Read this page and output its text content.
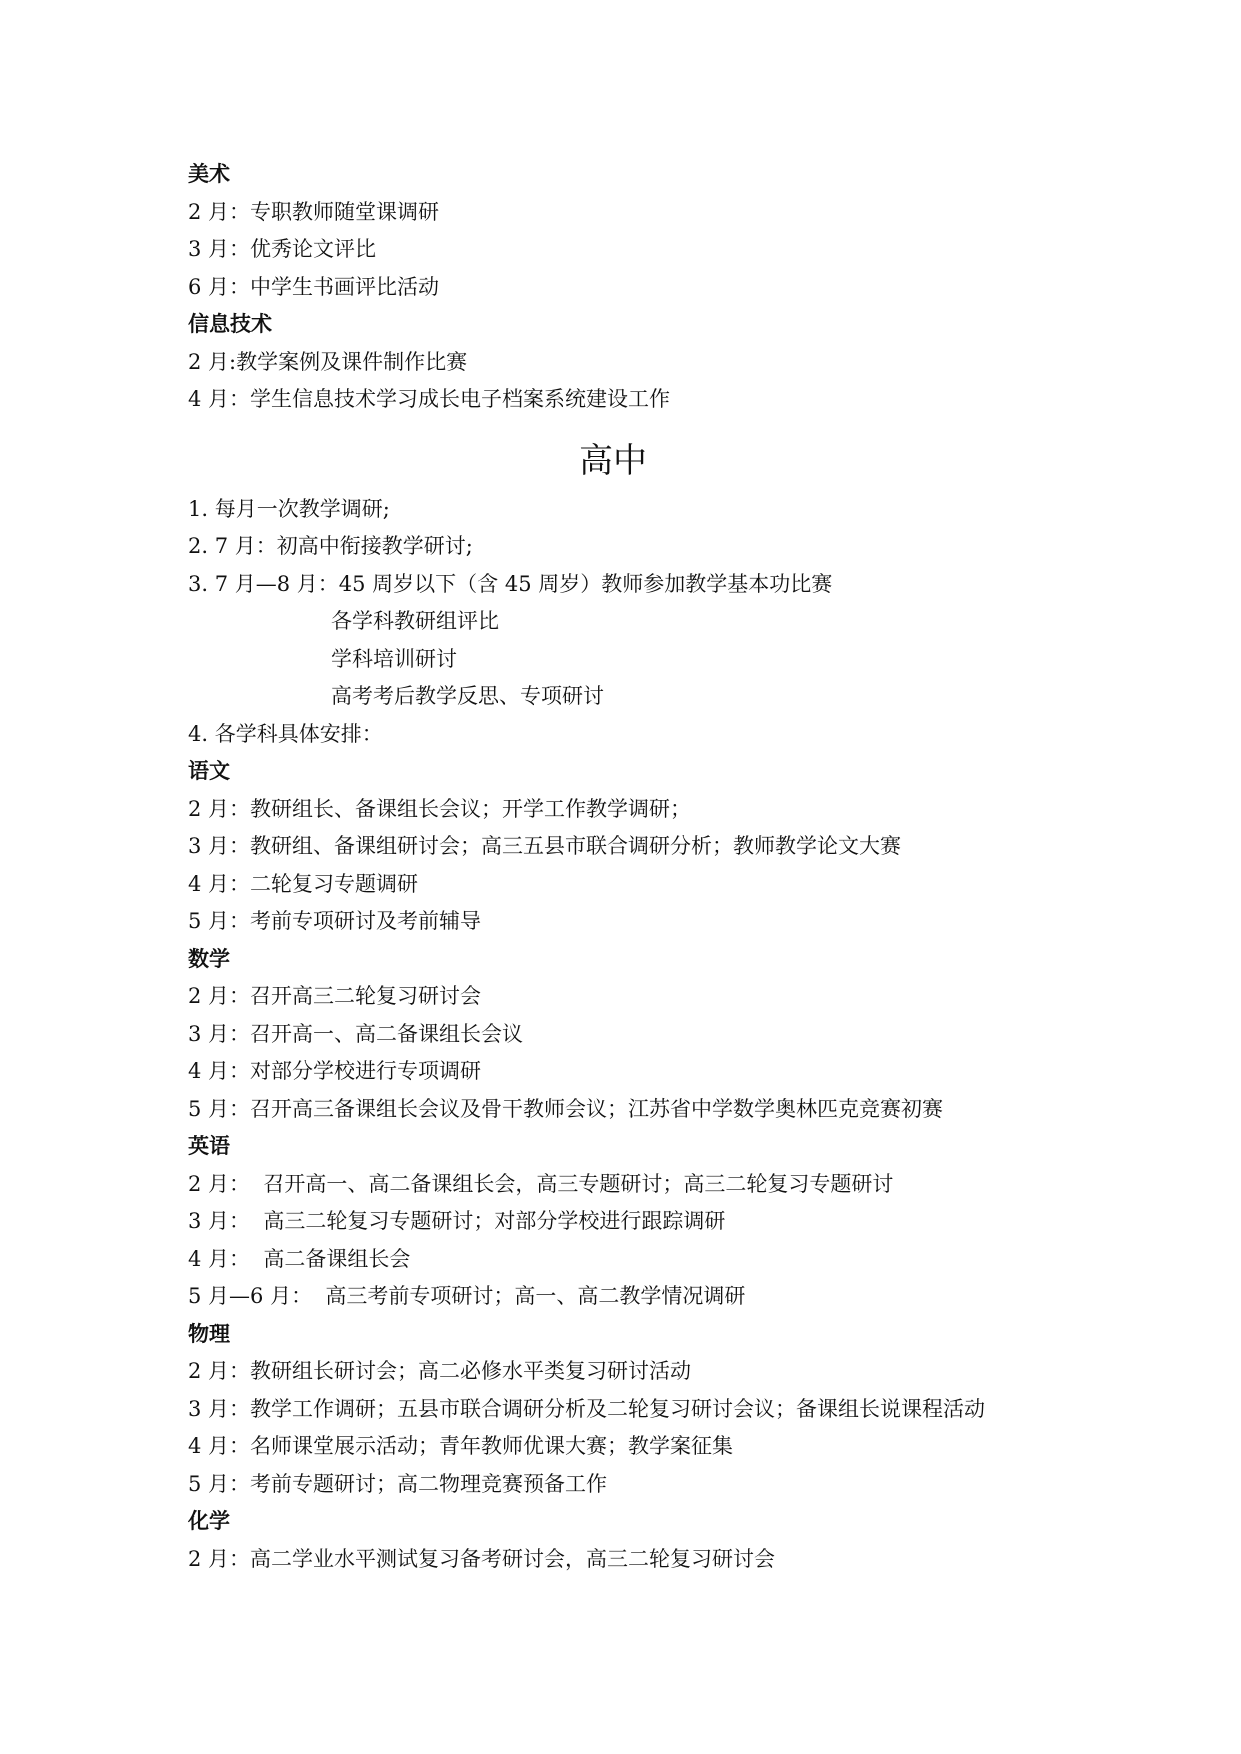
美术
2 月：专职教师随堂课调研
3 月：优秀论文评比
6 月：中学生书画评比活动
信息技术
2 月:教学案例及课件制作比赛
4 月：学生信息技术学习成长电子档案系统建设工作
高中
1. 每月一次教学调研;
2. 7 月：初高中衔接教学研讨;
3. 7 月—8 月：45 周岁以下（含 45 周岁）教师参加教学基本功比赛
各学科教研组评比
学科培训研讨
高考考后教学反思、专项研讨
4. 各学科具体安排：
语文
2 月：教研组长、备课组长会议；开学工作教学调研；
3 月：教研组、备课组研讨会；高三五县市联合调研分析；教师教学论文大赛
4 月：二轮复习专题调研
5 月：考前专项研讨及考前辅导
数学
2 月：召开高三二轮复习研讨会
3 月：召开高一、高二备课组长会议
4 月：对部分学校进行专项调研
5 月：召开高三备课组长会议及骨干教师会议；江苏省中学数学奥林匹克竞赛初赛
英语
2 月：  召开高一、高二备课组长会，高三专题研讨；高三二轮复习专题研讨
3 月：  高三二轮复习专题研讨；对部分学校进行跟踪调研
4 月：  高二备课组长会
5 月—6 月：  高三考前专项研讨；高一、高二教学情况调研
物理
2 月：教研组长研讨会；高二必修水平类复习研讨活动
3 月：教学工作调研；五县市联合调研分析及二轮复习研讨会议；备课组长说课程活动
4 月：名师课堂展示活动；青年教师优课大赛；教学案征集
5 月：考前专题研讨；高二物理竞赛预备工作
化学
2 月：高二学业水平测试复习备考研讨会，高三二轮复习研讨会
